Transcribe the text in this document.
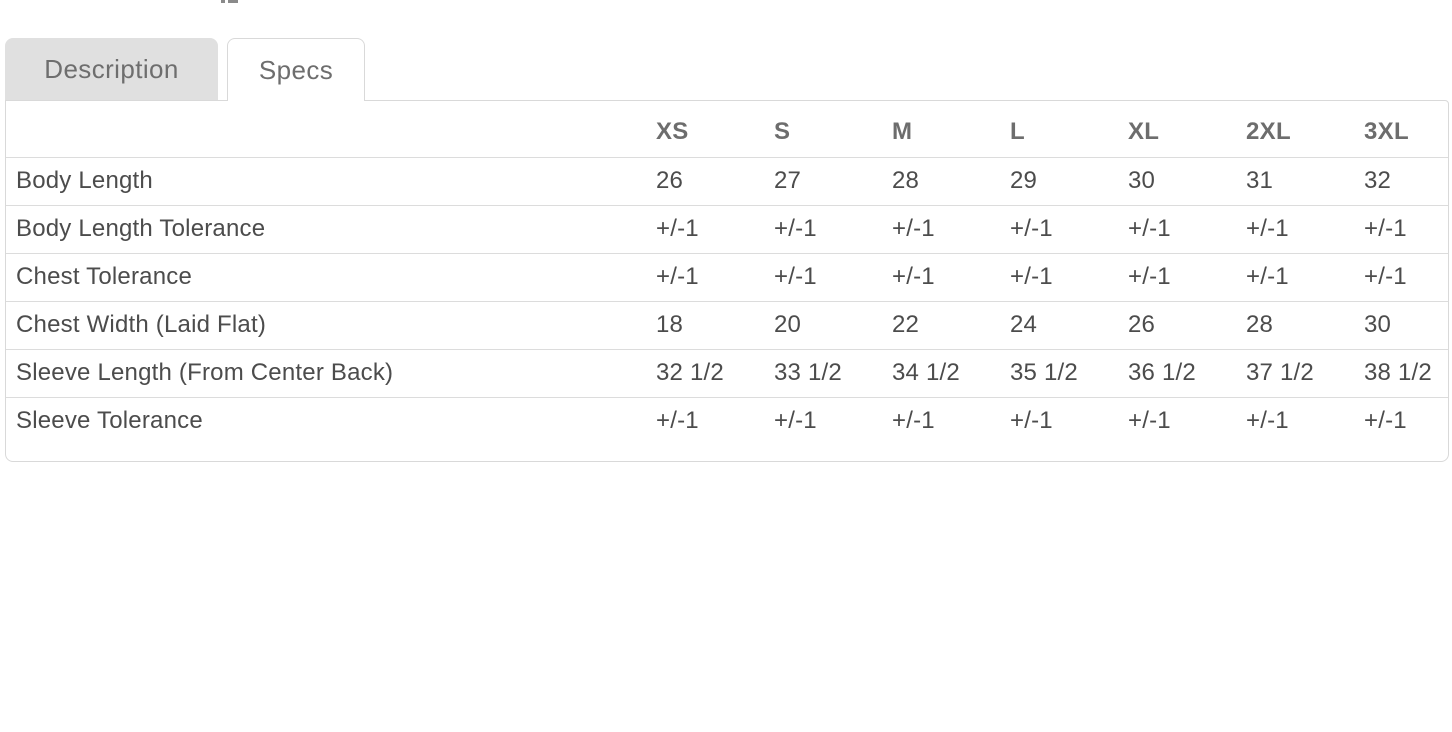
Description	Specs
	XS	S	M	L	XL	2XL	3XL
Body Length	26	27	28	29	30	31	32
Body Length Tolerance	+/-1	+/-1	+/-1	+/-1	+/-1	+/-1	+/-1
Chest Tolerance	+/-1	+/-1	+/-1	+/-1	+/-1	+/-1	+/-1
Chest Width (Laid Flat)	18	20	22	24	26	28	30
Sleeve Length (From Center Back)	32 1/2	33 1/2	34 1/2	35 1/2	36 1/2	37 1/2	38 1/2
Sleeve Tolerance	+/-1	+/-1	+/-1	+/-1	+/-1	+/-1	+/-1
